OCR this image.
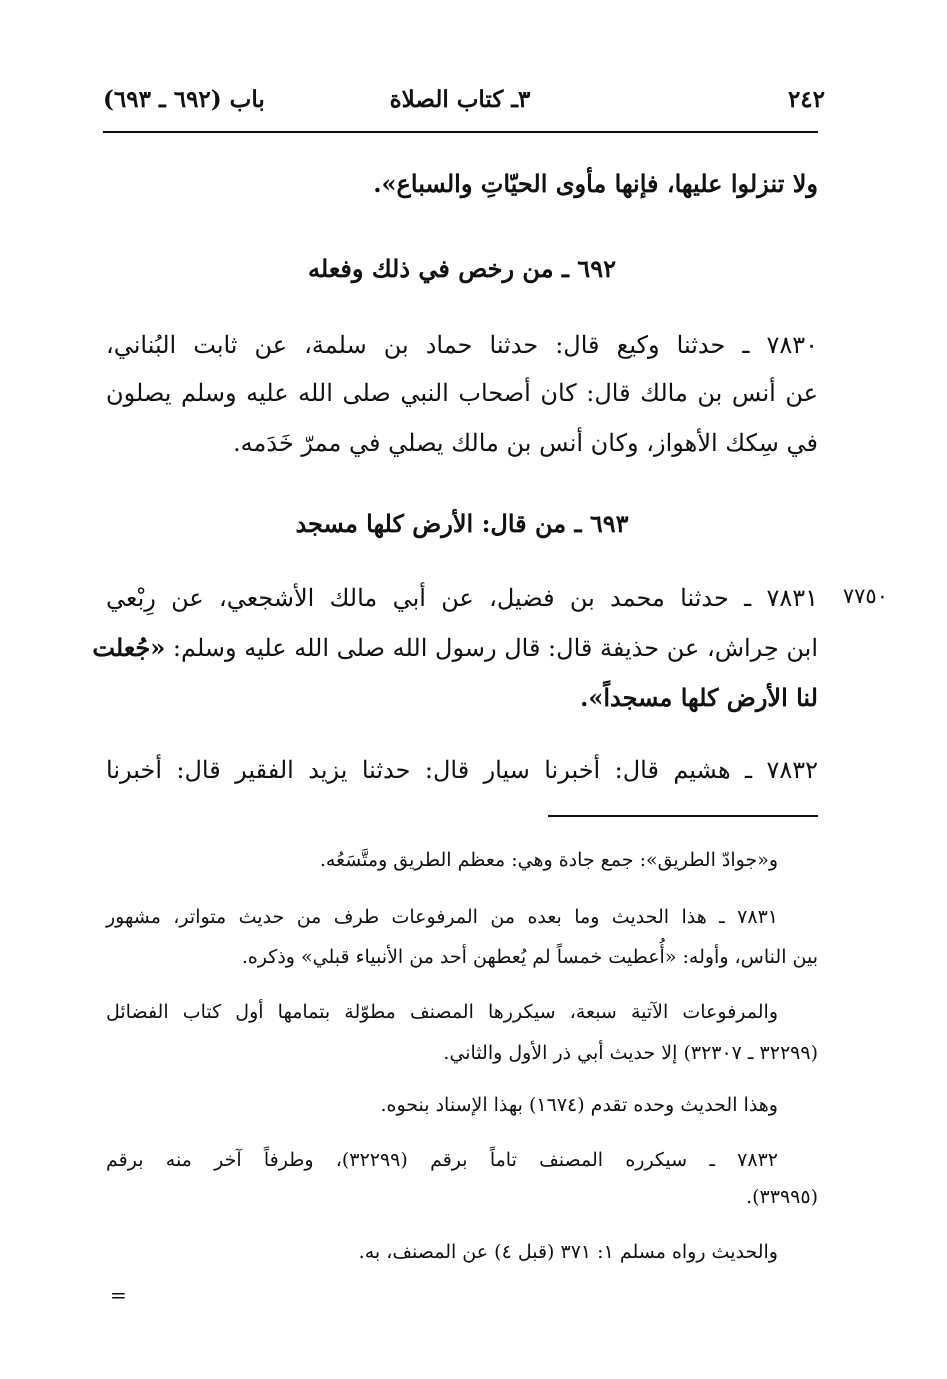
٢٤٢
٣ـ كتاب الصلاة
باب (٦٩٢ ـ ٦٩٣)
ولا تنزلوا عليها، فإنها مأوى الحيّاتِ والسباع».
٦٩٢ ـ من رخص في ذلك وفعله
٧٨٣٠ ـ حدثنا وكيع قال: حدثنا حماد بن سلمة، عن ثابت البُناني،
عن أنس بن مالك قال: كان أصحاب النبي صلى الله عليه وسلم يصلون
في سِكك الأهواز، وكان أنس بن مالك يصلي في ممرّ خَدَمه.
٦٩٣ ـ من قال: الأرض كلها مسجد
٧٧٥٠
٧٨٣١ ـ حدثنا محمد بن فضيل، عن أبي مالك الأشجعي، عن رِبْعي
ابن حِراش، عن حذيفة قال: قال رسول الله صلى الله عليه وسلم: «جُعلت
لنا الأرض كلها مسجداً».
٧٨٣٢ ـ هشيم قال: أخبرنا سيار قال: حدثنا يزيد الفقير قال: أخبرنا
و«جوادّ الطريق»: جمع جادة وهي: معظم الطريق ومتَّسَعُه.
٧٨٣١ ـ هذا الحديث وما بعده من المرفوعات طرف من حديث متواتر، مشهور
بين الناس، وأوله: «أُعطيت خمساً لم يُعطهن أحد من الأنبياء قبلي» وذكره.
والمرفوعات الآتية سبعة، سيكررها المصنف مطوّلة بتمامها أول كتاب الفضائل
(٣٢٢٩٩ ـ ٣٢٣٠٧) إلا حديث أبي ذر الأول والثاني.
وهذا الحديث وحده تقدم (١٦٧٤) بهذا الإسناد بنحوه.
٧٨٣٢ ـ سيكرره المصنف تاماً برقم (٣٢٢٩٩)، وطرفاً آخر منه برقم
(٣٣٩٩٥).
والحديث رواه مسلم ١: ٣٧١ (قبل ٤) عن المصنف، به.
=
